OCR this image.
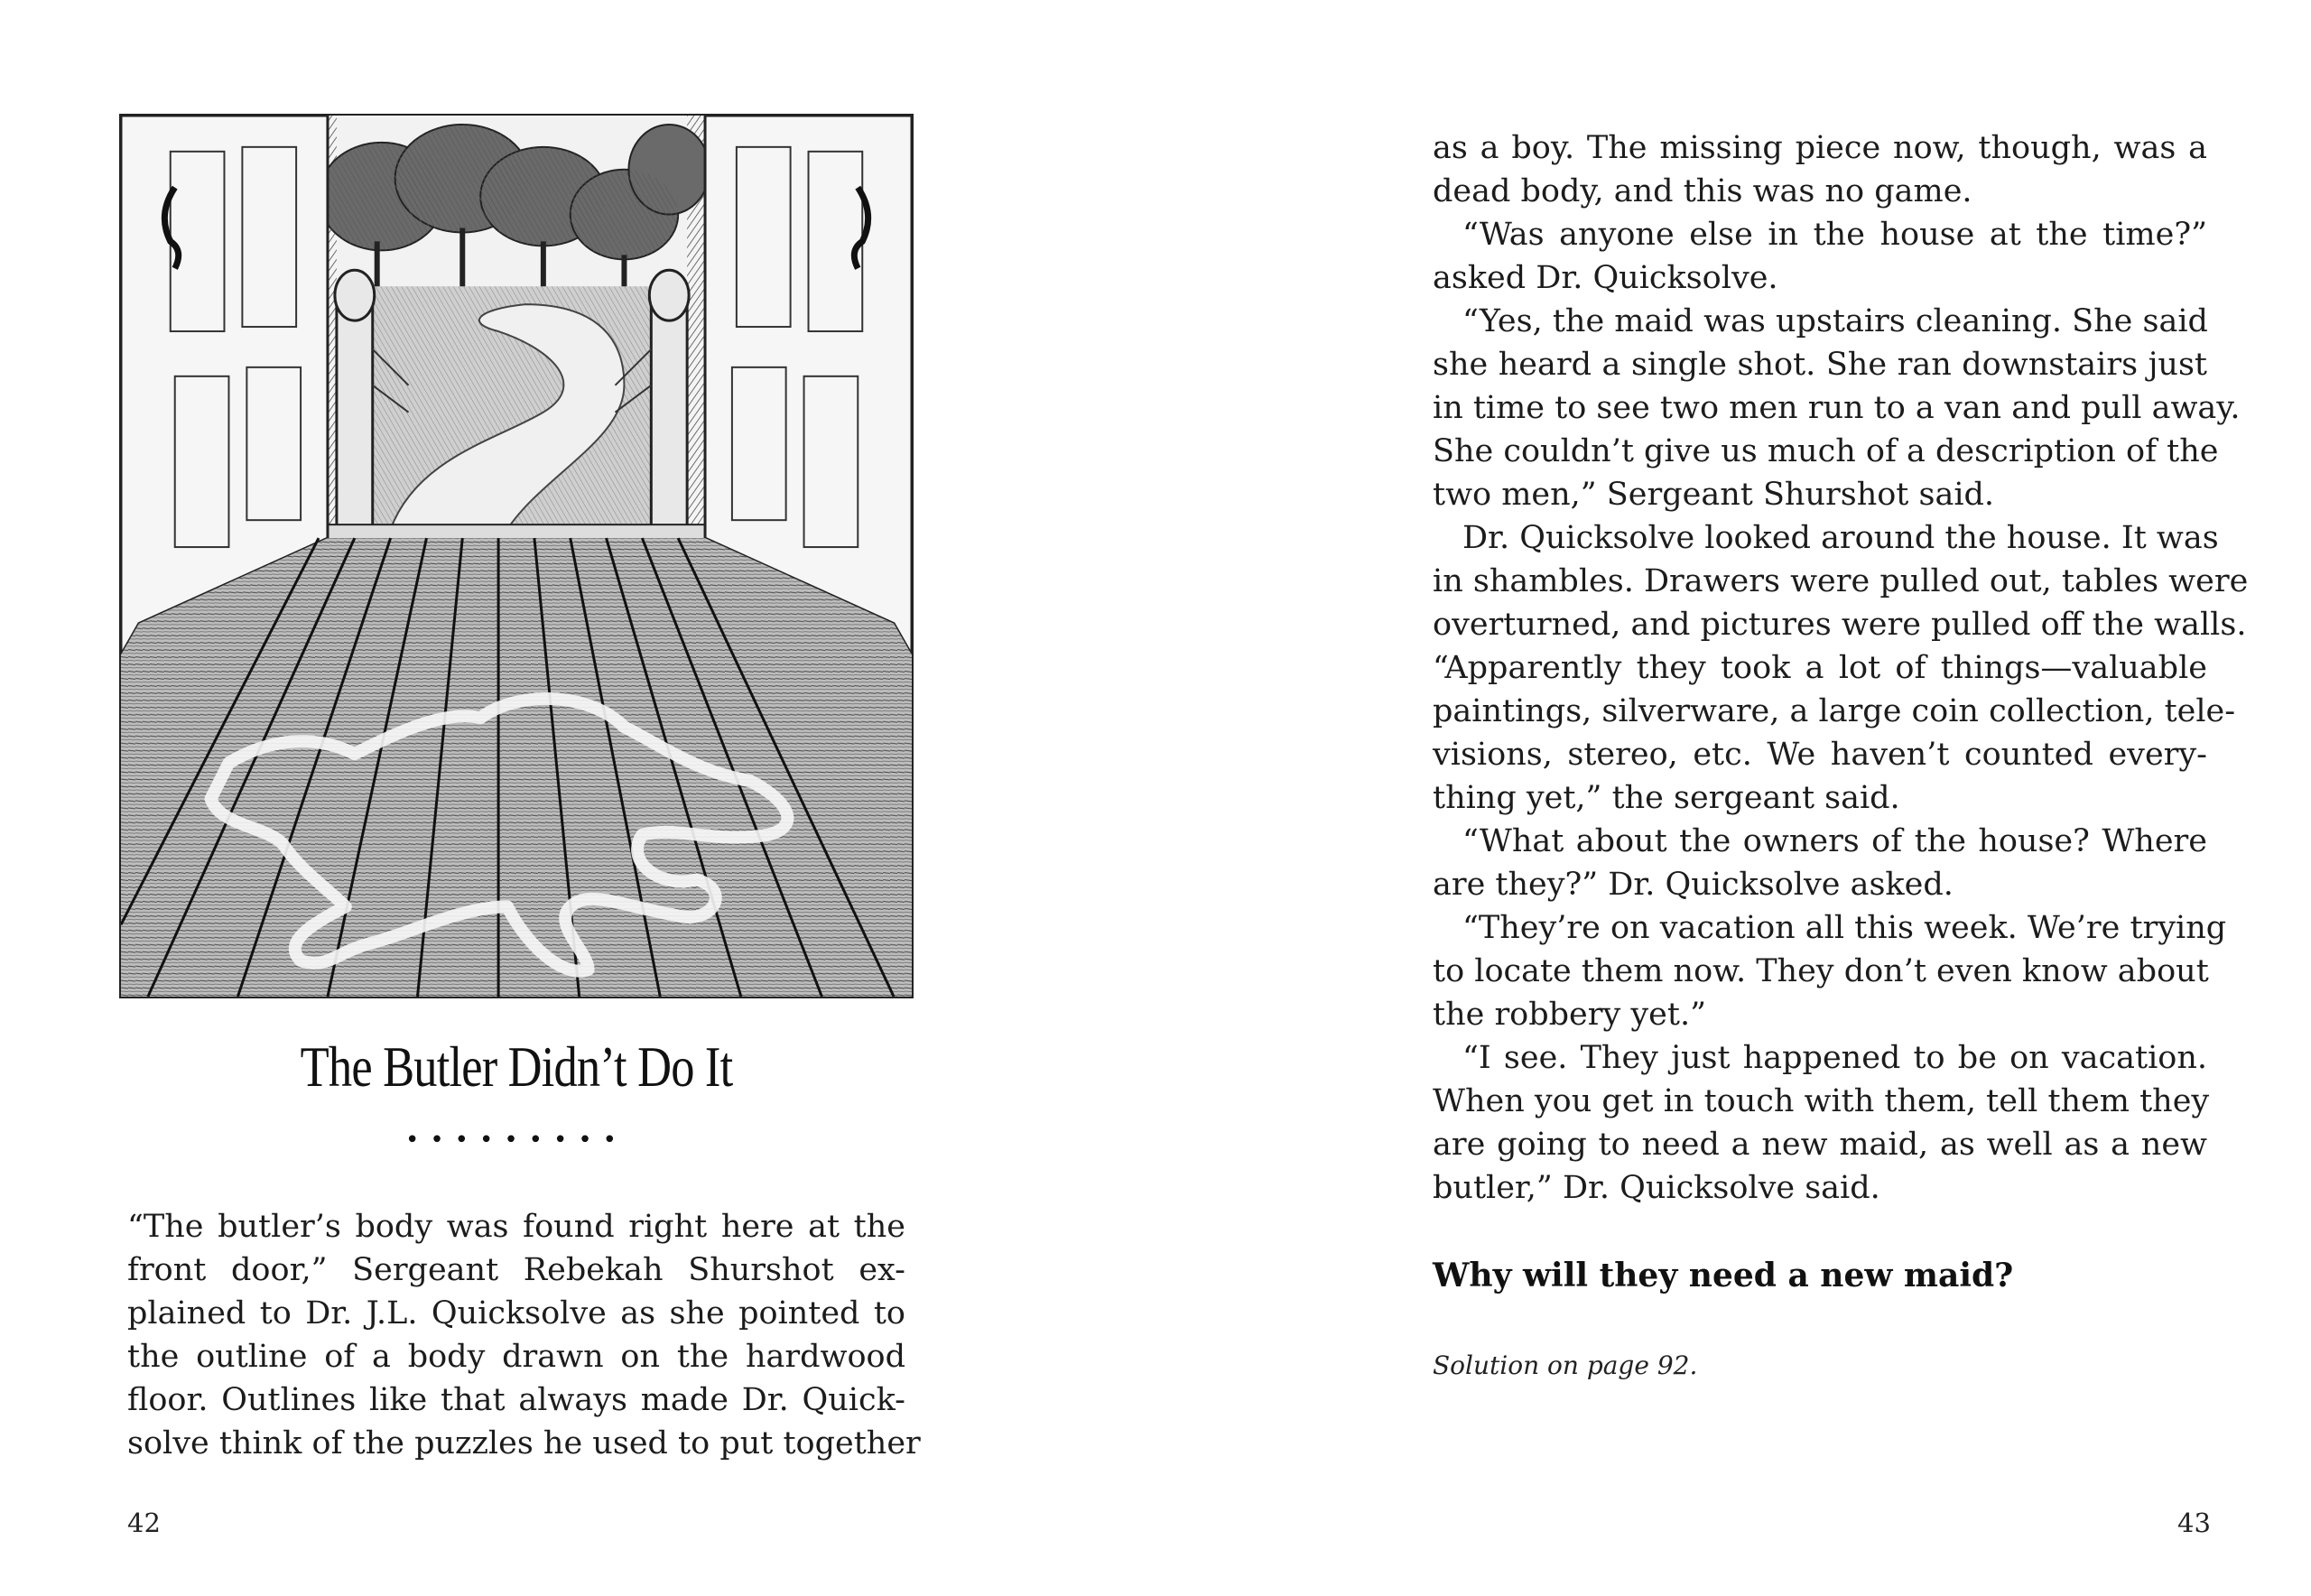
The Butler Didn’t Do It
•••••••••
“The butler’s body was found right here at the
front door,” Sergeant Rebekah Shurshot ex-
plained to Dr. J.L. Quicksolve as she pointed to
the outline of a body drawn on the hardwood
floor. Outlines like that always made Dr. Quick-
solve think of the puzzles he used to put together
42
as a boy. The missing piece now, though, was a
dead body, and this was no game.
“Was anyone else in the house at the time?”
asked Dr. Quicksolve.
“Yes, the maid was upstairs cleaning. She said
she heard a single shot. She ran downstairs just
in time to see two men run to a van and pull away.
She couldn’t give us much of a description of the
two men,” Sergeant Shurshot said.
Dr. Quicksolve looked around the house. It was
in shambles. Drawers were pulled out, tables were
overturned, and pictures were pulled off the walls.
“Apparently they took a lot of things—valuable
paintings, silverware, a large coin collection, tele-
visions, stereo, etc. We haven’t counted every-
thing yet,” the sergeant said.
“What about the owners of the house? Where
are they?” Dr. Quicksolve asked.
“They’re on vacation all this week. We’re trying
to locate them now. They don’t even know about
the robbery yet.”
“I see. They just happened to be on vacation.
When you get in touch with them, tell them they
are going to need a new maid, as well as a new
butler,” Dr. Quicksolve said.
Why will they need a new maid?
Solution on page 92.
43
